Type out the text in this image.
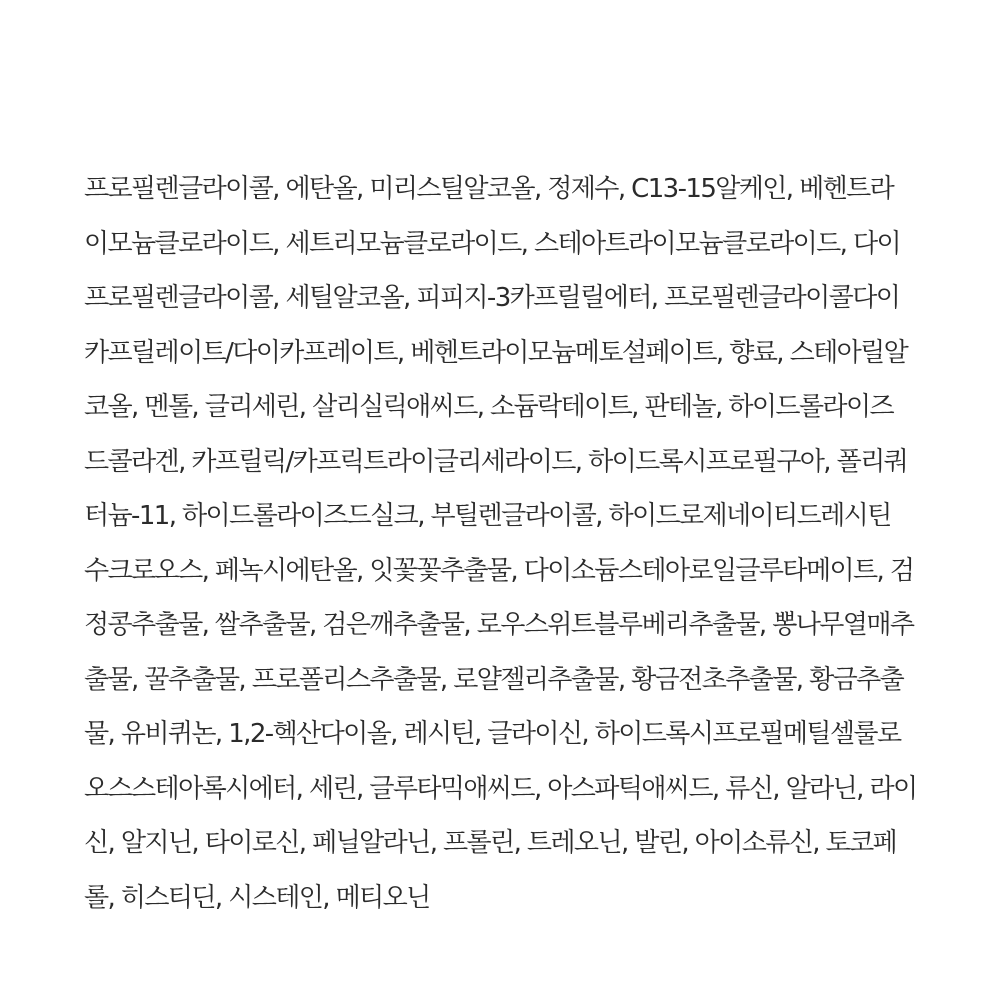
프로필렌글라이콜, 에탄올, 미리스틸알코올, 정제수, C13-15알케인, 베헨트라
이모늄클로라이드, 세트리모늄클로라이드, 스테아트라이모늄클로라이드, 다이
프로필렌글라이콜, 세틸알코올, 피피지-3카프릴릴에터, 프로필렌글라이콜다이
카프릴레이트/다이카프레이트, 베헨트라이모늄메토설페이트, 향료, 스테아릴알
코올, 멘톨, 글리세린, 살리실릭애씨드, 소듐락테이트, 판테놀, 하이드롤라이즈
드콜라겐, 카프릴릭/카프릭트라이글리세라이드, 하이드록시프로필구아, 폴리쿼
터늄-11, 하이드롤라이즈드실크, 부틸렌글라이콜, 하이드로제네이티드레시틴
수크로오스, 페녹시에탄올, 잇꽃꽃추출물, 다이소듐스테아로일글루타메이트, 검
정콩추출물, 쌀추출물, 검은깨추출물, 로우스위트블루베리추출물, 뽕나무열매추
출물, 꿀추출물, 프로폴리스추출물, 로얄젤리추출물, 황금전초추출물, 황금추출
물, 유비퀴논, 1,2-헥산다이올, 레시틴, 글라이신, 하이드록시프로필메틸셀룰로
오스스테아록시에터, 세린, 글루타믹애씨드, 아스파틱애씨드, 류신, 알라닌, 라이
신, 알지닌, 타이로신, 페닐알라닌, 프롤린, 트레오닌, 발린, 아이소류신, 토코페
롤, 히스티딘, 시스테인, 메티오닌
